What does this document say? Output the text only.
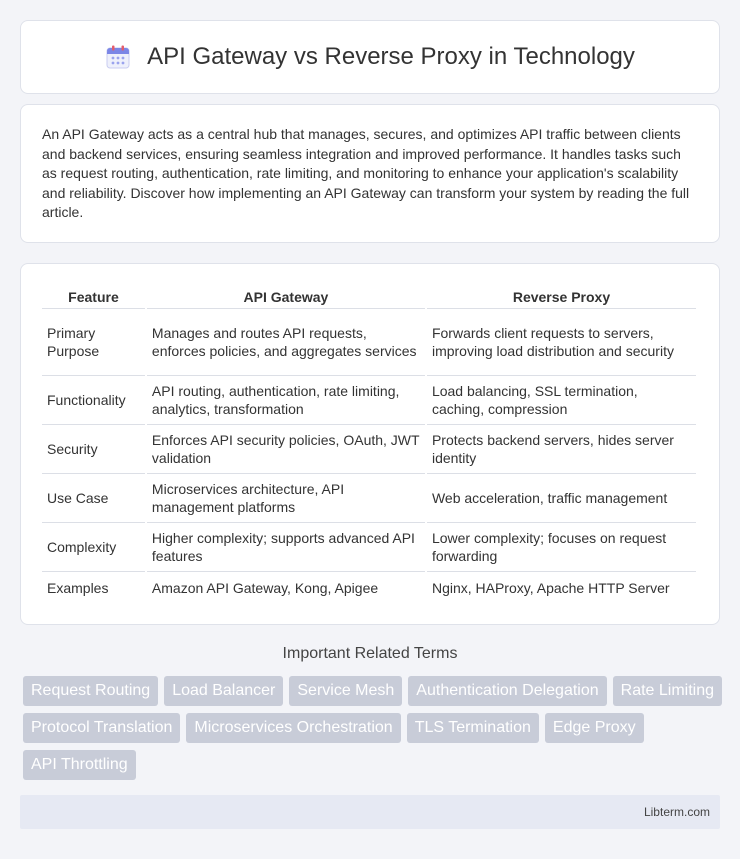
API Gateway vs Reverse Proxy in Technology

An API Gateway acts as a central hub that manages, secures, and optimizes API traffic between clients and backend services, ensuring seamless integration and improved performance. It handles tasks such as request routing, authentication, rate limiting, and monitoring to enhance your application's scalability and reliability. Discover how implementing an API Gateway can transform your system by reading the full article.

Feature	API Gateway	Reverse Proxy
Primary Purpose	Manages and routes API requests, enforces policies, and aggregates services	Forwards client requests to servers, improving load distribution and security
Functionality	API routing, authentication, rate limiting, analytics, transformation	Load balancing, SSL termination, caching, compression
Security	Enforces API security policies, OAuth, JWT validation	Protects backend servers, hides server identity
Use Case	Microservices architecture, API management platforms	Web acceleration, traffic management
Complexity	Higher complexity; supports advanced API features	Lower complexity; focuses on request forwarding
Examples	Amazon API Gateway, Kong, Apigee	Nginx, HAProxy, Apache HTTP Server
Important Related Terms
Request Routing	Load Balancer	Service Mesh	Authentication Delegation	Rate Limiting
Protocol Translation	Microservices Orchestration	TLS Termination	Edge Proxy
API Throttling
Libterm.com
